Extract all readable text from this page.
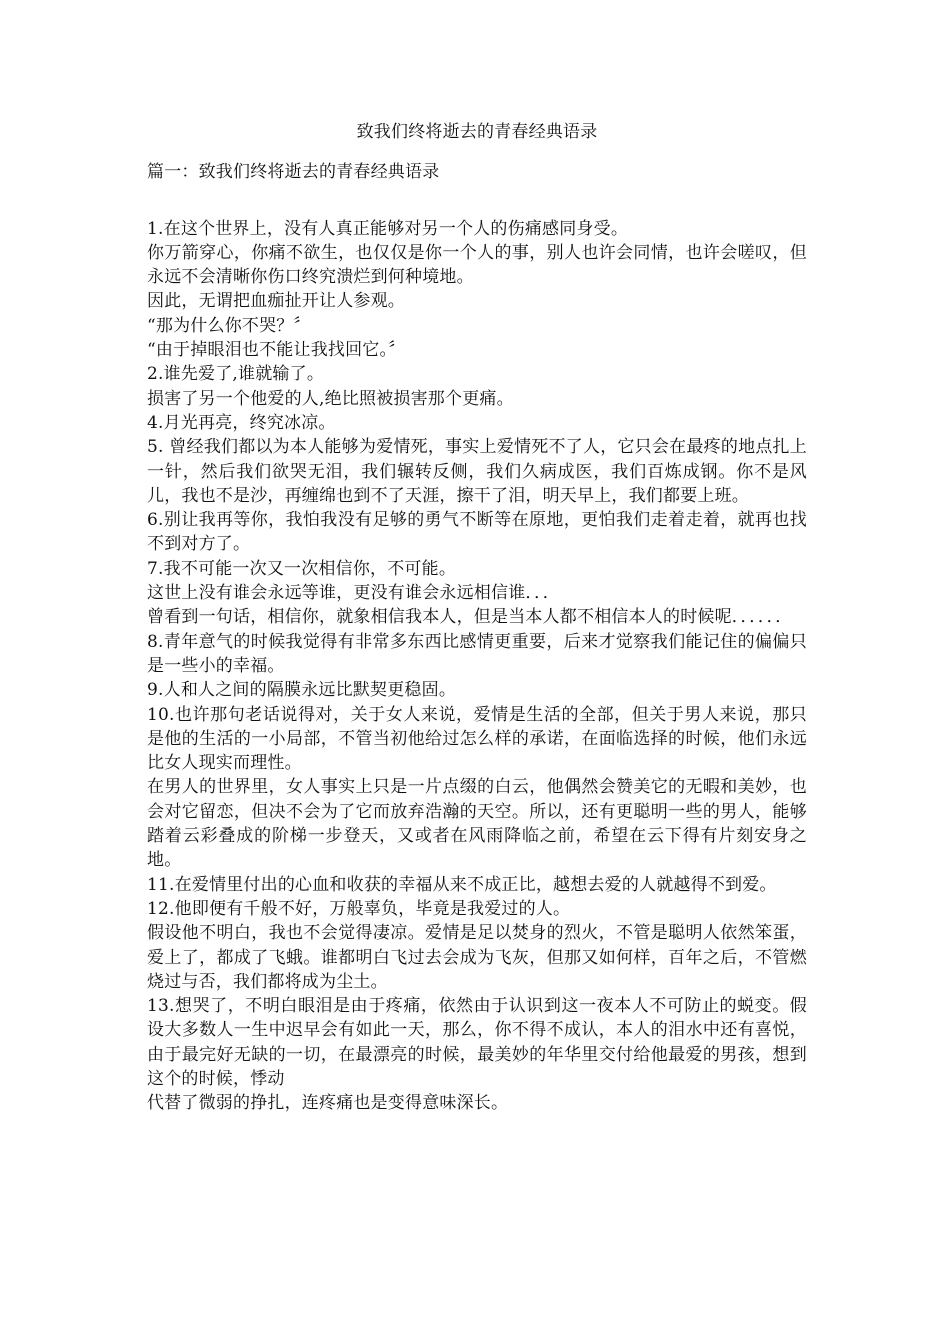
致我们终将逝去的青春经典语录
篇一：致我们终将逝去的青春经典语录

1.在这个世界上，没有人真正能够对另一个人的伤痛感同身受。

你万箭穿心，你痛不欲生，也仅仅是你一个人的事，别人也许会同情，也许会嗟叹，但永远不会清晰你伤口终究溃烂到何种境地。

因此，无谓把血痂扯开让人参观。

“那为什么你不哭？〞

“由于掉眼泪也不能让我找回它。〞

2.谁先爱了,谁就输了。

损害了另一个他爱的人,绝比照被损害那个更痛。

4.月光再亮，终究冰凉。

5. 曾经我们都以为本人能够为爱情死，事实上爱情死不了人，它只会在最疼的地点扎上一针，然后我们欲哭无泪，我们辗转反侧，我们久病成医，我们百炼成钢。你不是风儿，我也不是沙，再缠绵也到不了天涯，擦干了泪，明天早上，我们都要上班。

6.别让我再等你，我怕我没有足够的勇气不断等在原地，更怕我们走着走着，就再也找不到对方了。

7.我不可能一次又一次相信你，不可能。

这世上没有谁会永远等谁，更没有谁会永远相信谁．．．

曾看到一句话，相信你，就象相信我本人，但是当本人都不相信本人的时候呢．．．．．．

8.青年意气的时候我觉得有非常多东西比感情更重要，后来才觉察我们能记住的偏偏只是一些小的幸福。

9.人和人之间的隔膜永远比默契更稳固。

10.也许那句老话说得对，关于女人来说，爱情是生活的全部，但关于男人来说，那只是他的生活的一小局部，不管当初他给过怎么样的承诺，在面临选择的时候，他们永远比女人现实而理性。

在男人的世界里，女人事实上只是一片点缀的白云，他偶然会赞美它的无暇和美妙，也会对它留恋，但决不会为了它而放弃浩瀚的天空。所以，还有更聪明一些的男人，能够踏着云彩叠成的阶梯一步登天，又或者在风雨降临之前，希望在云下得有片刻安身之地。

11.在爱情里付出的心血和收获的幸福从来不成正比，越想去爱的人就越得不到爱。

12.他即便有千般不好，万般辜负，毕竟是我爱过的人。

假设他不明白，我也不会觉得凄凉。爱情是足以焚身的烈火，不管是聪明人依然笨蛋，爱上了，都成了飞蛾。谁都明白飞过去会成为飞灰，但那又如何样，百年之后，不管燃烧过与否，我们都将成为尘土。

13.想哭了，不明白眼泪是由于疼痛，依然由于认识到这一夜本人不可防止的蜕变。假设大多数人一生中迟早会有如此一天，那么，你不得不成认，本人的泪水中还有喜悦，由于最完好无缺的一切，在最漂亮的时候，最美妙的年华里交付给他最爱的男孩，想到这个的时候，悸动

代替了微弱的挣扎，连疼痛也是变得意味深长。
